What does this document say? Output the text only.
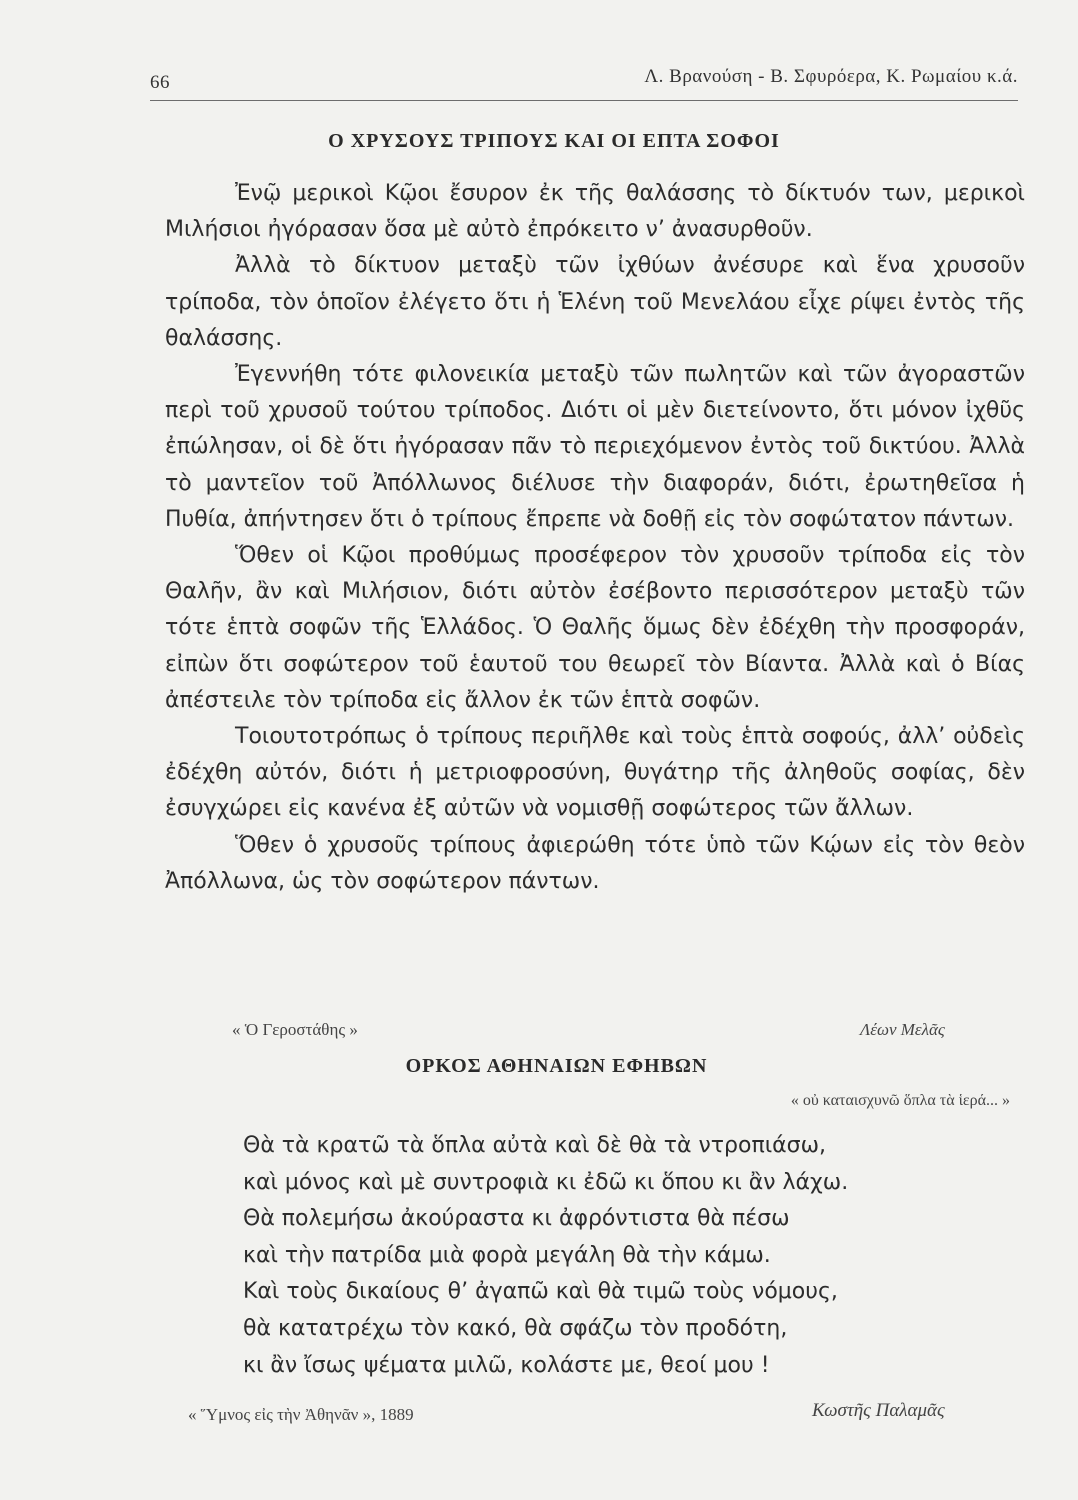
66	Λ. Βρανούση - Β. Σφυρόερα, Κ. Ρωμαίου κ.ά.
Ο ΧΡΥΣΟΥΣ ΤΡΙΠΟΥΣ ΚΑΙ ΟΙ ΕΠΤΑ ΣΟΦΟΙ

Ἐνῷ μερικοὶ Κῷοι ἔσυρον ἐκ τῆς θαλάσσης τὸ δίκτυόν των, μερικοὶ Μιλήσιοι ἠγόρασαν ὅσα μὲ αὐτὸ ἐπρόκειτο ν’ ἀνασυρθοῦν.

Ἀλλὰ τὸ δίκτυον μεταξὺ τῶν ἰχθύων ἀνέσυρε καὶ ἕνα χρυσοῦν τρίποδα, τὸν ὁποῖον ἐλέγετο ὅτι ἡ Ἑλένη τοῦ Μενελάου εἶχε ρίψει ἐντὸς τῆς θαλάσσης.

Ἐγεννήθη τότε φιλονεικία μεταξὺ τῶν πωλητῶν καὶ τῶν ἀγοραστῶν περὶ τοῦ χρυσοῦ τούτου τρίποδος. Διότι οἱ μὲν διετείνοντο, ὅτι μόνον ἰχθῦς ἐπώλησαν, οἱ δὲ ὅτι ἠγόρασαν πᾶν τὸ περιεχόμενον ἐντὸς τοῦ δικτύου. Ἀλλὰ τὸ μαντεῖον τοῦ Ἀπόλλωνος διέλυσε τὴν διαφοράν, διότι, ἐρωτηθεῖσα ἡ Πυθία, ἀπήντησεν ὅτι ὁ τρίπους ἔπρεπε νὰ δοθῇ εἰς τὸν σοφώτατον πάντων.

Ὅθεν οἱ Κῷοι προθύμως προσέφερον τὸν χρυσοῦν τρίποδα εἰς τὸν Θαλῆν, ἂν καὶ Μιλήσιον, διότι αὐτὸν ἐσέβοντο περισσότερον μεταξὺ τῶν τότε ἑπτὰ σοφῶν τῆς Ἑλλάδος. Ὁ Θαλῆς ὅμως δὲν ἐδέχθη τὴν προσφοράν, εἰπὼν ὅτι σοφώτερον τοῦ ἑαυτοῦ του θεωρεῖ τὸν Βίαντα. Ἀλλὰ καὶ ὁ Βίας ἀπέστειλε τὸν τρίποδα εἰς ἄλλον ἐκ τῶν ἑπτὰ σοφῶν.

Τοιουτοτρόπως ὁ τρίπους περιῆλθε καὶ τοὺς ἑπτὰ σοφούς, ἀλλ’ οὐδεὶς ἐδέχθη αὐτόν, διότι ἡ μετριοφροσύνη, θυγάτηρ τῆς ἀληθοῦς σοφίας, δὲν ἐσυγχώρει εἰς κανένα ἐξ αὐτῶν νὰ νομισθῇ σοφώτερος τῶν ἄλλων.

Ὅθεν ὁ χρυσοῦς τρίπους ἀφιερώθη τότε ὑπὸ τῶν Κῴων εἰς τὸν θεὸν Ἀπόλλωνα, ὡς τὸν σοφώτερον πάντων.

« Ὁ Γεροστάθης »	Λέων Μελᾶς
ΟΡΚΟΣ ΑΘΗΝΑΙΩΝ ΕΦΗΒΩΝ
« οὐ καταισχυνῶ ὅπλα τὰ ἱερά... »
Θὰ τὰ κρατῶ τὰ ὅπλα αὐτὰ καὶ δὲ θὰ τὰ ντροπιάσω,
καὶ μόνος καὶ μὲ συντροφιὰ κι ἐδῶ κι ὅπου κι ἂν λάχω.
Θὰ πολεμήσω ἀκούραστα κι ἀφρόντιστα θὰ πέσω
καὶ τὴν πατρίδα μιὰ φορὰ μεγάλη θὰ τὴν κάμω.
Καὶ τοὺς δικαίους θ’ ἀγαπῶ καὶ θὰ τιμῶ τοὺς νόμους,
θὰ κατατρέχω τὸν κακό, θὰ σφάζω τὸν προδότη,
κι ἂν ἴσως ψέματα μιλῶ, κολάστε με, θεοί μου !
« Ὕμνος εἰς τὴν Ἀθηνᾶν », 1889	Κωστῆς Παλαμᾶς
